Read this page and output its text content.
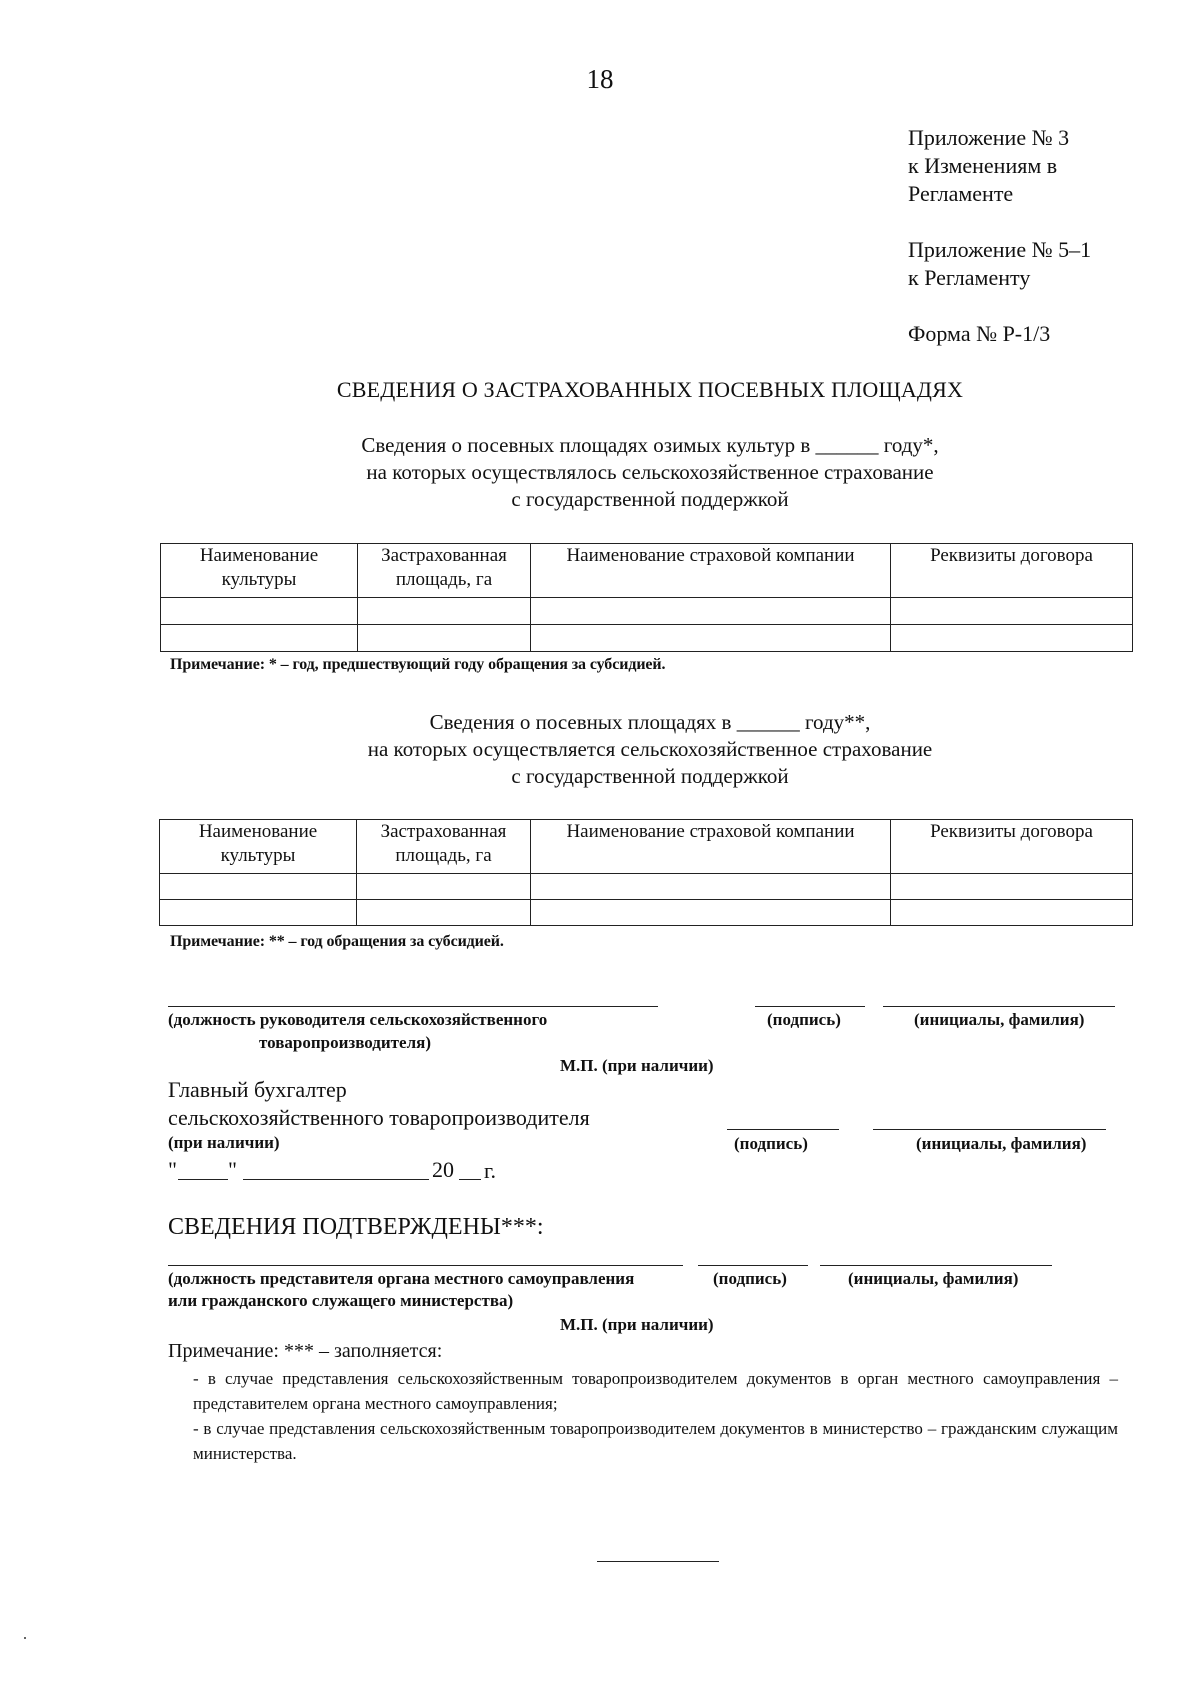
18
Приложение № 3
к Изменениям в
Регламенте
Приложение № 5–1
к Регламенту
Форма № Р-1/3
СВЕДЕНИЯ О ЗАСТРАХОВАННЫХ ПОСЕВНЫХ ПЛОЩАДЯХ
Сведения о посевных площадях озимых культур в ______ году*,
на которых осуществлялось сельскохозяйственное страхование
с государственной поддержкой
Наименование культуры	Застрахованная площадь, га	Наименование страховой компании	Реквизиты договора

Примечание: * – год, предшествующий году обращения за субсидией.
Сведения о посевных площадях в ______ году**,
на которых осуществляется сельскохозяйственное страхование
с государственной поддержкой
Наименование культуры	Застрахованная площадь, га	Наименование страховой компании	Реквизиты договора

Примечание: ** – год обращения за субсидией.
(должность руководителя сельскохозяйственного
товаропроизводителя)
(подпись)	(инициалы, фамилия)
М.П. (при наличии)
Главный бухгалтер
сельскохозяйственного товаропроизводителя
(при наличии)	(подпись)	(инициалы, фамилия)
" "	20 г.
СВЕДЕНИЯ ПОДТВЕРЖДЕНЫ***:
(должность представителя органа местного самоуправления
или гражданского служащего министерства)
(подпись)	(инициалы, фамилия)
М.П. (при наличии)
Примечание: *** – заполняется:
- в случае представления сельскохозяйственным товаропроизводителем документов в орган местного самоуправления – представителем органа местного самоуправления;
- в случае представления сельскохозяйственным товаропроизводителем документов в министерство – гражданским служащим министерства.
